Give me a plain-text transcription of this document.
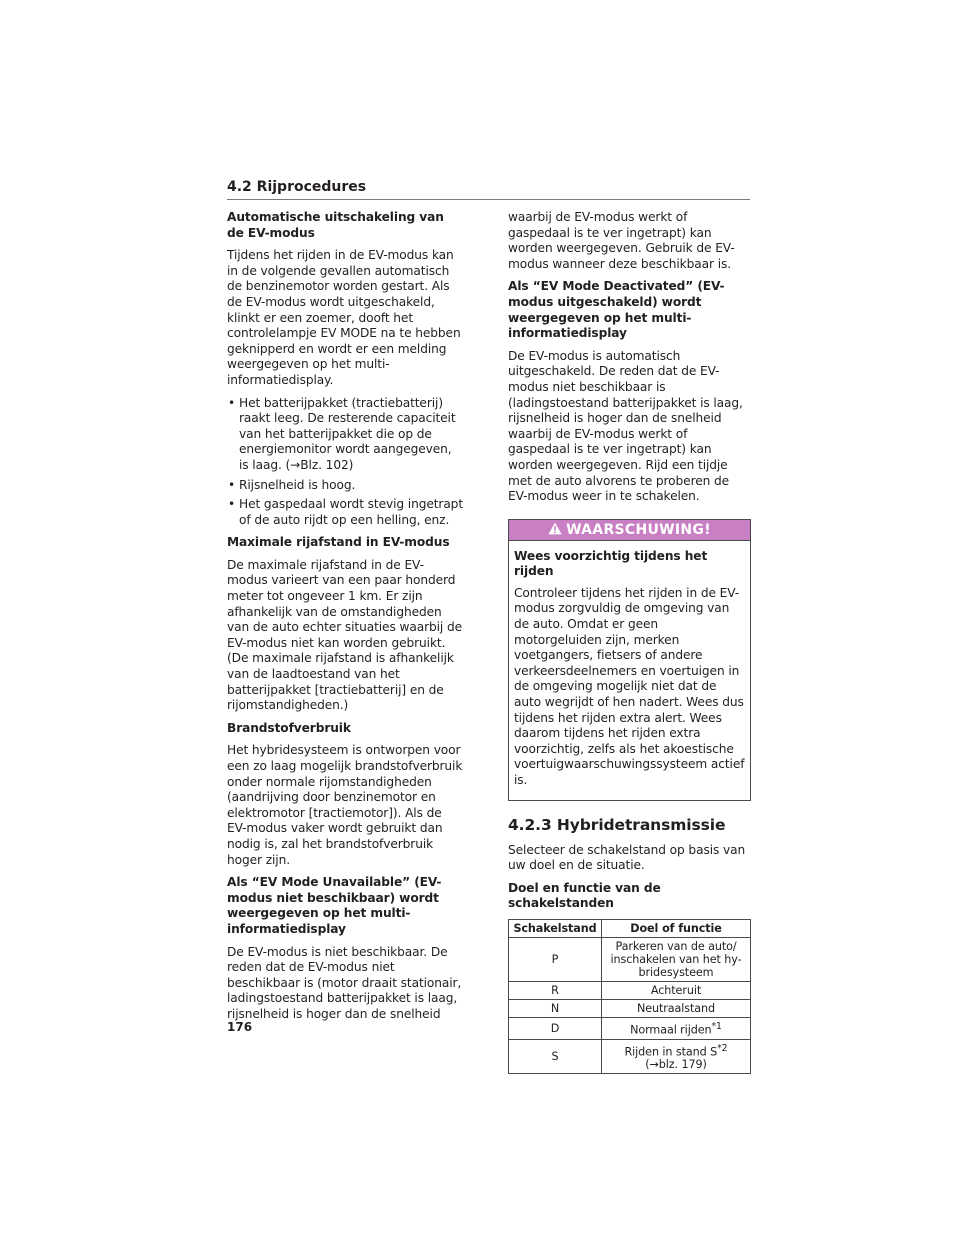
4.2 Rijprocedures
Automatische uitschakeling van de EV-modus

Tijdens het rijden in de EV-modus kan in de volgende gevallen automatisch de benzinemotor worden gestart. Als de EV-modus wordt uitgeschakeld, klinkt er een zoemer, dooft het controlelampje EV MODE na te hebben geknipperd en wordt er een melding weergegeven op het multi-informatiedisplay.

• Het batterijpakket (tractiebatterij) raakt leeg. De resterende capaciteit van het batterijpakket die op de energiemonitor wordt aangegeven, is laag. (→Blz. 102)
• Rijsnelheid is hoog.
• Het gaspedaal wordt stevig ingetrapt of de auto rijdt op een helling, enz.
Maximale rijafstand in EV-modus

De maximale rijafstand in de EV-modus varieert van een paar honderd meter tot ongeveer 1 km. Er zijn afhankelijk van de omstandigheden van de auto echter situaties waarbij de EV-modus niet kan worden gebruikt. (De maximale rijafstand is afhankelijk van de laadtoestand van het batterijpakket [tractiebatterij] en de rijomstandigheden.)

Brandstofverbruik

Het hybridesysteem is ontworpen voor een zo laag mogelijk brandstofverbruik onder normale rijomstandigheden (aandrijving door benzinemotor en elektromotor [tractiemotor]). Als de EV-modus vaker wordt gebruikt dan nodig is, zal het brandstofverbruik hoger zijn.

Als “EV Mode Unavailable” (EV-modus niet beschikbaar) wordt weergegeven op het multi-informatiedisplay

De EV-modus is niet beschikbaar. De reden dat de EV-modus niet beschikbaar is (motor draait stationair, ladingstoestand batterijpakket is laag, rijsnelheid is hoger dan de snelheid

waarbij de EV-modus werkt of gaspedaal is te ver ingetrapt) kan worden weergegeven. Gebruik de EV-modus wanneer deze beschikbaar is.

Als “EV Mode Deactivated” (EV-modus uitgeschakeld) wordt weergegeven op het multi-informatiedisplay

De EV-modus is automatisch uitgeschakeld. De reden dat de EV-modus niet beschikbaar is (ladingstoestand batterijpakket is laag, rijsnelheid is hoger dan de snelheid waarbij de EV-modus werkt of gaspedaal is te ver ingetrapt) kan worden weergegeven. Rijd een tijdje met de auto alvorens te proberen de EV-modus weer in te schakelen.

WAARSCHUWING!
Wees voorzichtig tijdens het rijden

Controleer tijdens het rijden in de EV-modus zorgvuldig de omgeving van de auto. Omdat er geen motorgeluiden zijn, merken voetgangers, fietsers of andere verkeersdeelnemers en voertuigen in de omgeving mogelijk niet dat de auto wegrijdt of hen nadert. Wees dus tijdens het rijden extra alert. Wees daarom tijdens het rijden extra voorzichtig, zelfs als het akoestische voertuigwaarschuwingssysteem actief is.

4.2.3 Hybridetransmissie

Selecteer de schakelstand op basis van uw doel en de situatie.

Doel en functie van de schakelstanden
Schakelstand	Doel of functie
P	Parkeren van de auto/ inschakelen van het hy- bridesysteem
R	Achteruit
N	Neutraalstand
D	Normaal rijden$^{*1}$
S	Rijden in stand $S^{*2}$
(→blz. 179)
176
